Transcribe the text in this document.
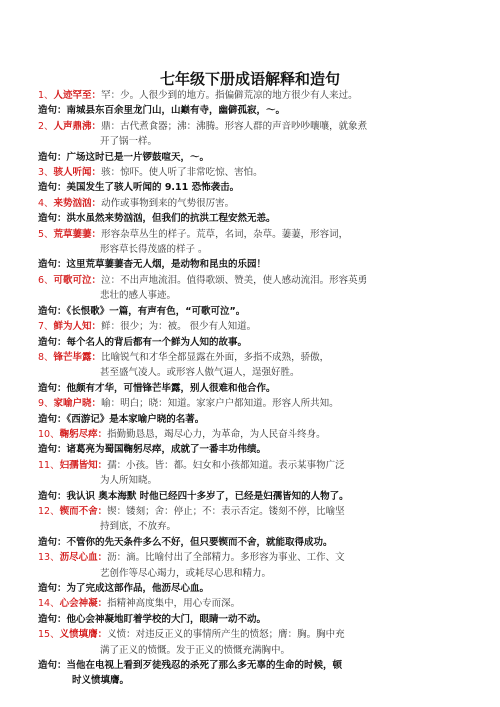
七年级下册成语解释和造句
1、人迹罕至：罕：少。人很少到的地方。指偏僻荒凉的地方很少有人来过。
造句：南城县东百余里龙门山，山巅有寺，幽僻孤寂，～。
2、人声鼎沸：鼎：古代煮食器；沸：沸腾。形容人群的声音吵吵嚷嚷，就象煮
开了锅一样。
造句：广场这时已是一片锣鼓喧天，～。
3、骇人听闻：骇：惊吓。使人听了非常吃惊、害怕。
造句：美国发生了骇人听闻的 9.11 恐怖袭击。
4、来势汹汹：动作或事物到来的气势很厉害。
造句：洪水虽然来势汹汹，但我们的抗洪工程安然无恙。
5、荒草萋萋：形容杂草丛生的样子。荒草，名词，杂草。萋萋，形容词，
形容草长得茂盛的样子 。
造句：这里荒草萋萋杳无人烟，是动物和昆虫的乐园！
6、可歌可泣：泣：不出声地流泪。值得歌颂、赞美，使人感动流泪。形容英勇
悲壮的感人事迹。
造句：《长恨歌》一篇，有声有色，“可歌可泣”。
7、鲜为人知：鲜：很少；为：被。 很少有人知道。
造句：每个名人的背后都有一个鲜为人知的故事。
8、锋芒毕露：比喻锐气和才华全都显露在外面，多指不成熟，骄傲，
甚至盛气凌人。或形容人傲气逼人，逞强好胜。
造句：他颇有才华，可惜锋芒毕露，别人很难和他合作。
9、家喻户晓：喻：明白；晓：知道。家家户户都知道。形容人所共知。
造句：《西游记》是本家喻户晓的名著。
10、鞠躬尽瘁：指勤勤恳恳，竭尽心力，为革命，为人民奋斗终身。
造句：诸葛亮为蜀国鞠躬尽瘁，成就了一番丰功伟绩。
11、妇孺皆知：孺：小孩。皆：都。妇女和小孩都知道。表示某事物广泛
为人所知晓。
造句：我认识 奥本海默 时他已经四十多岁了，已经是妇孺皆知的人物了。
12、锲而不舍：锲：镂刻；舍：停止；不：表示否定。镂刻不停，比喻坚
持到底，不放弃。
造句：不管你的先天条件多么不好，但只要锲而不舍，就能取得成功。
13、沥尽心血：沥：滴。比喻付出了全部精力。多形容为事业、工作、文
艺创作等尽心竭力，或耗尽心思和精力。
造句：为了完成这部作品，他沥尽心血。
14、心会神凝：指精神高度集中，用心专而深。
造句：他心会神凝地盯着学校的大门，眼睛一动不动。
15、义愤填膺：义愤：对违反正义的事情所产生的愤怒；膺：胸。胸中充
满了正义的愤慨。发于正义的愤慨充满胸中。
造句：当他在电视上看到歹徒残忍的杀死了那么多无辜的生命的时候，顿
时义愤填膺。
